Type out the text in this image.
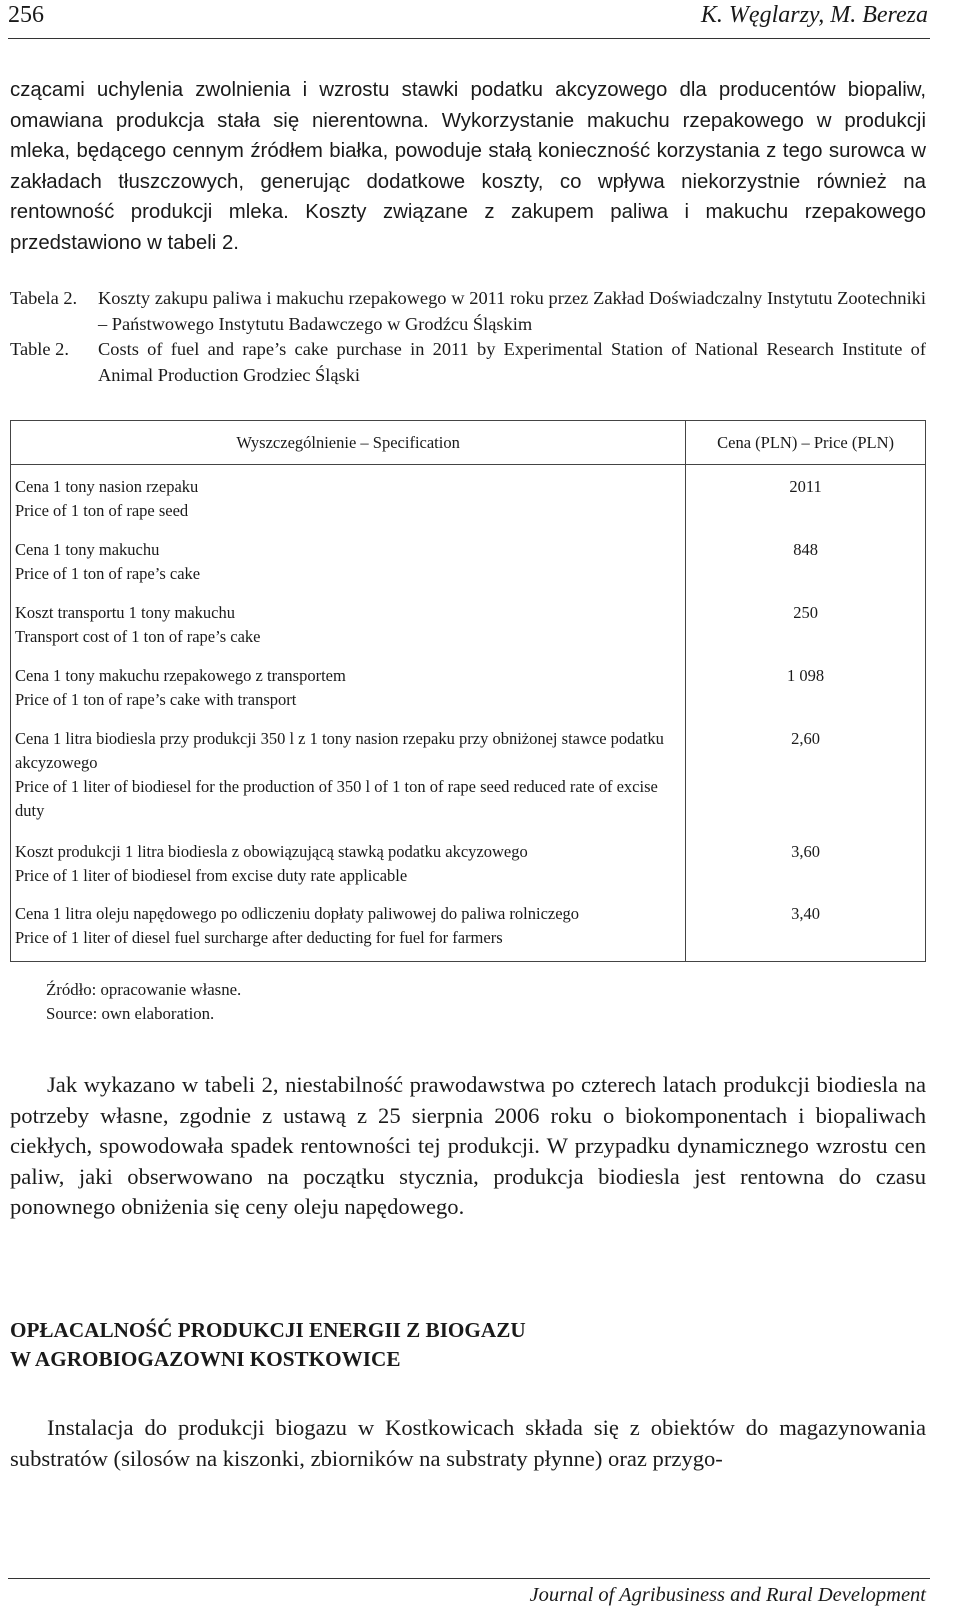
256	K. Węglarzy, M. Bereza
czącami uchylenia zwolnienia i wzrostu stawki podatku akcyzowego dla producentów biopaliw, omawiana produkcja stała się nierentowna. Wykorzystanie makuchu rzepakowego w produkcji mleka, będącego cennym źródłem białka, powoduje stałą konieczność korzystania z tego surowca w zakładach tłuszczowych, generując dodatkowe koszty, co wpływa niekorzystnie również na rentowność produkcji mleka. Koszty związane z zakupem paliwa i makuchu rzepakowego przedstawiono w tabeli 2.
Tabela 2.	Koszty zakupu paliwa i makuchu rzepakowego w 2011 roku przez Zakład Doświadczalny Instytutu Zootechniki – Państwowego Instytutu Badawczego w Grodźcu Śląskim
Table 2.	Costs of fuel and rape’s cake purchase in 2011 by Experimental Station of National Research Institute of Animal Production Grodziec Śląski
Wyszczególnienie – Specification	Cena (PLN) – Price (PLN)

Cena 1 tony nasion rzepaku
Price of 1 ton of rape seed	2011

Cena 1 tony makuchu
Price of 1 ton of rape’s cake	848

Koszt transportu 1 tony makuchu
Transport cost of 1 ton of rape’s cake	250

Cena 1 tony makuchu rzepakowego z transportem
Price of 1 ton of rape’s cake with transport	1 098

Cena 1 litra biodiesla przy produkcji 350 l z 1 tony nasion rzepaku przy obniżonej stawce podatku akcyzowego
Price of 1 liter of biodiesel for the production of 350 l of 1 ton of rape seed reduced rate of excise duty	2,60

Koszt produkcji 1 litra biodiesla z obowiązującą stawką podatku akcyzowego
Price of 1 liter of biodiesel from excise duty rate applicable	3,60

Cena 1 litra oleju napędowego po odliczeniu dopłaty paliwowej do paliwa rolniczego
Price of 1 liter of diesel fuel surcharge after deducting for fuel for farmers	3,40
Źródło: opracowanie własne.
Source: own elaboration.
Jak wykazano w tabeli 2, niestabilność prawodawstwa po czterech latach produkcji biodiesla na potrzeby własne, zgodnie z ustawą z 25 sierpnia 2006 roku o biokomponentach i biopaliwach ciekłych, spowodowała spadek rentowności tej produkcji. W przypadku dynamicznego wzrostu cen paliw, jaki obserwowano na początku stycznia, produkcja biodiesla jest rentowna do czasu ponownego obniżenia się ceny oleju napędowego.
OPŁACALNOŚĆ PRODUKCJI ENERGII Z BIOGAZU
W AGROBIOGAZOWNI KOSTKOWICE
Instalacja do produkcji biogazu w Kostkowicach składa się z obiektów do magazynowania substratów (silosów na kiszonki, zbiorników na substraty płynne) oraz przygo-
Journal of Agribusiness and Rural Development
